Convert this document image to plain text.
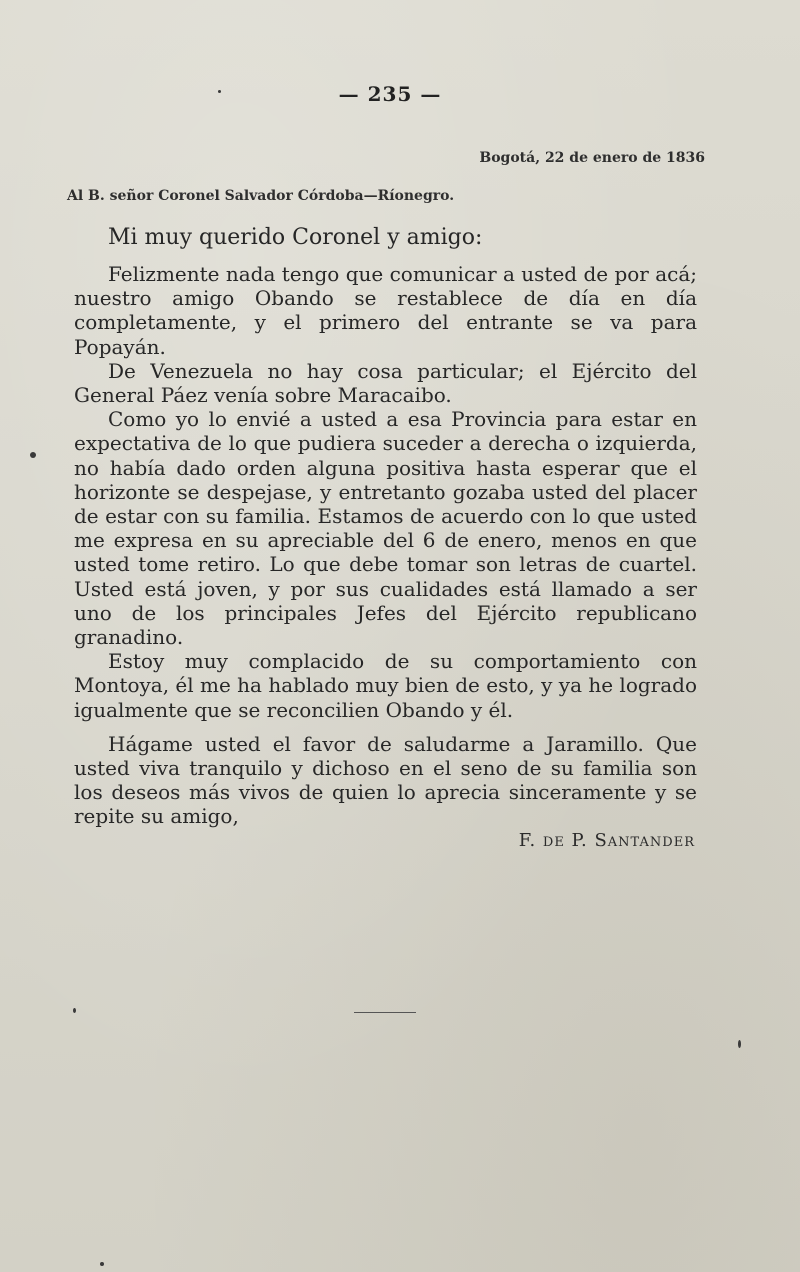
— 235 —
Bogotá, 22 de enero de 1836
Al B. señor Coronel Salvador Córdoba—Ríonegro.
Mi muy querido Coronel y amigo:

Felizmente nada tengo que comunicar a usted de por acá; nuestro amigo Obando se restablece de día en día completamente, y el primero del entrante se va para Popayán.

De Venezuela no hay cosa particular; el Ejército del General Páez venía sobre Maracaibo.

Como yo lo envié a usted a esa Provincia para estar en expectativa de lo que pudiera suceder a derecha o izquierda, no había dado orden alguna positiva hasta esperar que el horizonte se despejase, y entretanto gozaba usted del placer de estar con su familia. Estamos de acuerdo con lo que usted me expresa en su apreciable del 6 de enero, menos en que usted tome retiro. Lo que debe tomar son letras de cuartel. Usted está joven, y por sus cualidades está llamado a ser uno de los principales Jefes del Ejército republicano granadino.

Estoy muy complacido de su comportamiento con Montoya, él me ha hablado muy bien de esto, y ya he logrado igualmente que se reconcilien Obando y él.

Hágame usted el favor de saludarme a Jaramillo. Que usted viva tranquilo y dichoso en el seno de su familia son los deseos más vivos de quien lo aprecia sinceramente y se repite su amigo,

F. de P. Santander
